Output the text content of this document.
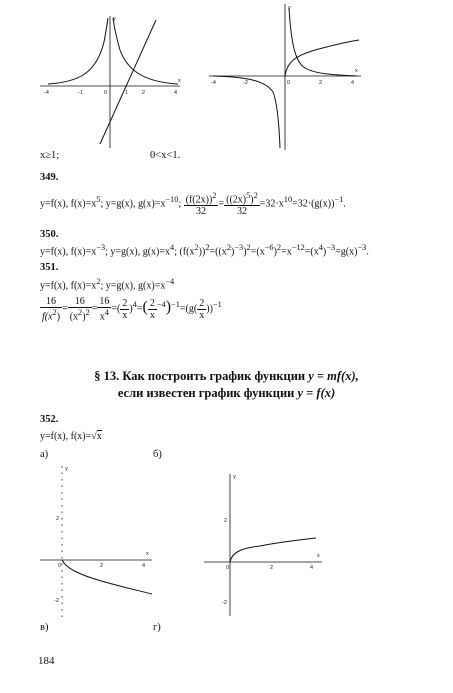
y
x
-4	-1	1	2	4
0
y
x
-4	-2	0	2	4
x≥1;	0<x<1.
349.
y=f(x), $f(x)=x^5$; y=g(x), $g(x)=x^{-10}$; $\frac{(f(2x))^2}{32} = \frac{((2x)^5)^2}{32} =32\cdot x^{10}=32\cdot(g(x))^{-1}$.
350.
y=f(x), $f(x)=x^{-3}$; y=g(x), $g(x)=x^4$; $(f(x^2))^2=((x^2)^{-3})^2=(x^{-6})^2=x^{-12}=(x^4)^{-3}=g(x)^{-3}$.
351.
y=f(x), $f(x)=x^2$; y=g(x), $g(x)=x^{-4}$
$\frac{16}{f(x^2)} = \frac{16}{(x^2)^2} = \frac{16}{x^4}$ =( $\frac{2}{x} )^4=( \frac{2}{x} ^{-4})^{-1}=(g( \frac{2}{x} ))^{-1}$
§ 13. Как построить график функции y = mf(x),
если известен график функции y = f(x)
352.
y=f(x), f(x)=√x
а)	б)
y
x
0	2	4
2
-2
y
x
0	2	4
2
-2
в)	г)
184
